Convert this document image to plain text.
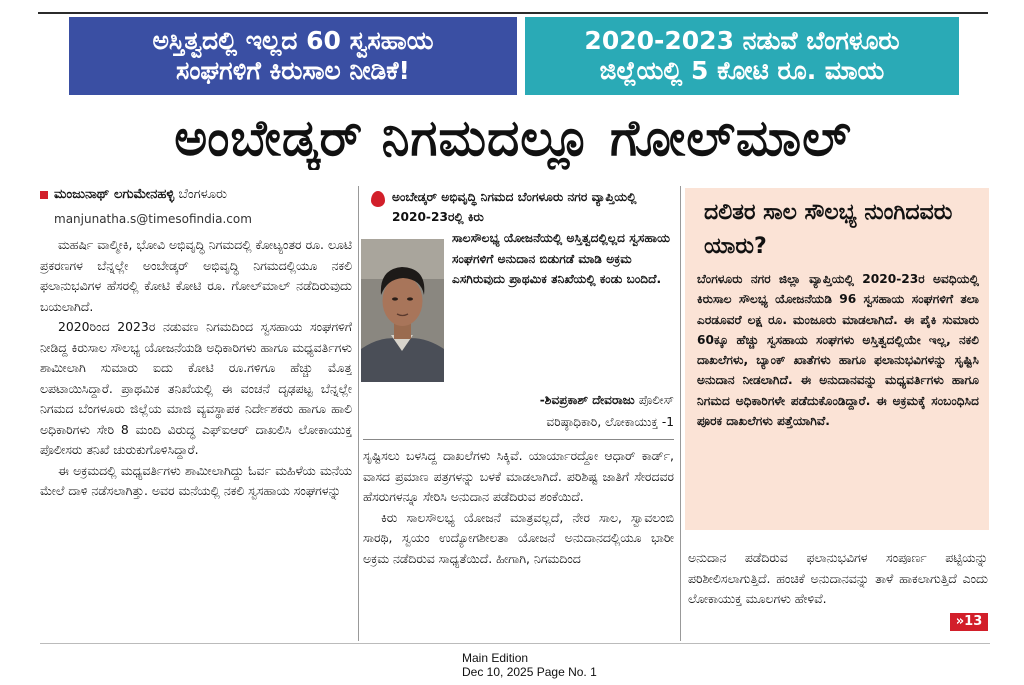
ಅಸ್ತಿತ್ವದಲ್ಲಿ ಇಲ್ಲದ 60 ಸ್ವಸಹಾಯ
ಸಂಘಗಳಿಗೆ ಕಿರುಸಾಲ ನೀಡಿಕೆ!
2020-2023 ನಡುವೆ ಬೆಂಗಳೂರು
ಜಿಲ್ಲೆಯಲ್ಲಿ 5 ಕೋಟಿ ರೂ. ಮಾಯ
ಅಂಬೇಡ್ಕರ್ ನಿಗಮದಲ್ಲೂ ಗೋಲ್‌ಮಾಲ್
ಮಂಜುನಾಥ್ ಲಗುಮೇನಹಳ್ಳಿ ಬೆಂಗಳೂರು
manjunatha.s@timesofindia.com

ಮಹರ್ಷಿ ವಾಲ್ಮೀಕಿ, ಭೋವಿ ಅಭಿವೃದ್ಧಿ ನಿಗಮದಲ್ಲಿ ಕೋಟ್ಯಂತರ ರೂ. ಲೂಟಿ ಪ್ರಕರಣಗಳ ಬೆನ್ನಲ್ಲೇ ಅಂಬೇಡ್ಕರ್ ಅಭಿವೃದ್ಧಿ ನಿಗಮದಲ್ಲಿಯೂ ನಕಲಿ ಫಲಾನುಭವಿಗಳ ಹೆಸರಲ್ಲಿ ಕೋಟಿ ಕೋಟಿ ರೂ. ಗೋಲ್‌ಮಾಲ್ ನಡೆದಿರುವುದು ಬಯಲಾಗಿದೆ.

2020ರಿಂದ 2023ರ ನಡುವಣ ನಿಗಮದಿಂದ ಸ್ವಸಹಾಯ ಸಂಘಗಳಿಗೆ ನೀಡಿದ್ದ ಕಿರುಸಾಲ ಸೌಲಭ್ಯ ಯೋಜನೆಯಡಿ ಅಧಿಕಾರಿಗಳು ಹಾಗೂ ಮಧ್ಯವರ್ತಿಗಳು ಶಾಮೀಲಾಗಿ ಸುಮಾರು ಐದು ಕೋಟಿ ರೂ.ಗಳಿಗೂ ಹೆಚ್ಚು ಮೊತ್ತ ಲಪಟಾಯಿಸಿದ್ದಾರೆ. ಪ್ರಾಥಮಿಕ ತನಿಖೆಯಲ್ಲಿ ಈ ವಂಚನೆ ದೃಢಪಟ್ಟ ಬೆನ್ನಲ್ಲೇ ನಿಗಮದ ಬೆಂಗಳೂರು ಜಿಲ್ಲೆಯ ಮಾಜಿ ವ್ಯವಸ್ಥಾಪಕ ನಿರ್ದೇಶಕರು ಹಾಗೂ ಹಾಲಿ ಅಧಿಕಾರಿಗಳು ಸೇರಿ 8 ಮಂದಿ ವಿರುದ್ಧ ಎಫ್‌ಐಆರ್ ದಾಖಲಿಸಿ ಲೋಕಾಯುಕ್ತ ಪೊಲೀಸರು ತನಿಖೆ ಚುರುಕುಗೊಳಿಸಿದ್ದಾರೆ.

ಈ ಅಕ್ರಮದಲ್ಲಿ ಮಧ್ಯವರ್ತಿಗಳು ಶಾಮೀಲಾಗಿದ್ದು ಓರ್ವ ಮಹಿಳೆಯ ಮನೆಯ ಮೇಲೆ ದಾಳಿ ನಡೆಸಲಾಗಿತ್ತು. ಅವರ ಮನೆಯಲ್ಲಿ ನಕಲಿ ಸ್ವಸಹಾಯ ಸಂಘಗಳನ್ನು

ಅಂಬೇಡ್ಕರ್ ಅಭಿವೃದ್ಧಿ ನಿಗಮದ ಬೆಂಗಳೂರು ನಗರ ವ್ಯಾಪ್ತಿಯಲ್ಲಿ 2020-23ರಲ್ಲಿ ಕಿರು
ಸಾಲಸೌಲಭ್ಯ ಯೋಜನೆಯಲ್ಲಿ ಅಸ್ತಿತ್ವದಲ್ಲಿಲ್ಲದ ಸ್ವಸಹಾಯ ಸಂಘಗಳಿಗೆ ಅನುದಾನ ಬಿಡುಗಡೆ ಮಾಡಿ ಅಕ್ರಮ ಎಸಗಿರುವುದು ಪ್ರಾಥಮಿಕ ತನಿಖೆಯಲ್ಲಿ ಕಂಡು ಬಂದಿದೆ.
-ಶಿವಪ್ರಕಾಶ್ ದೇವರಾಜು ಪೊಲೀಸ್
ವರಿಷ್ಠಾಧಿಕಾರಿ, ಲೋಕಾಯುಕ್ತ -1

ಸೃಷ್ಟಿಸಲು ಬಳಸಿದ್ದ ದಾಖಲೆಗಳು ಸಿಕ್ಕಿವೆ. ಯಾರ್ಯಾರದ್ದೋ ಆಧಾರ್ ಕಾರ್ಡ್, ವಾಸದ ಪ್ರಮಾಣ ಪತ್ರಗಳನ್ನು ಬಳಕೆ ಮಾಡಲಾಗಿದೆ. ಪರಿಶಿಷ್ಟ ಜಾತಿಗೆ ಸೇರದವರ ಹೆಸರುಗಳನ್ನೂ ಸೇರಿಸಿ ಅನುದಾನ ಪಡೆದಿರುವ ಶಂಕೆಯಿದೆ.

ಕಿರು ಸಾಲಸೌಲಭ್ಯ ಯೋಜನೆ ಮಾತ್ರವಲ್ಲದೆ, ನೇರ ಸಾಲ, ಸ್ವಾವಲಂಬಿ ಸಾರಥಿ, ಸ್ವಯಂ ಉದ್ಯೋಗಶೀಲತಾ ಯೋಜನೆ ಅನುದಾನದಲ್ಲಿಯೂ ಭಾರೀ ಅಕ್ರಮ ನಡೆದಿರುವ ಸಾಧ್ಯತೆಯಿದೆ. ಹೀಗಾಗಿ, ನಿಗಮದಿಂದ

ದಲಿತರ ಸಾಲ ಸೌಲಭ್ಯ ನುಂಗಿದವರು ಯಾರು?
ಬೆಂಗಳೂರು ನಗರ ಜಿಲ್ಲಾ ವ್ಯಾಪ್ತಿಯಲ್ಲಿ 2020-23ರ ಅವಧಿಯಲ್ಲಿ ಕಿರುಸಾಲ ಸೌಲಭ್ಯ ಯೋಜನೆಯಡಿ 96 ಸ್ವಸಹಾಯ ಸಂಘಗಳಿಗೆ ತಲಾ ಎರಡೂವರೆ ಲಕ್ಷ ರೂ. ಮಂಜೂರು ಮಾಡಲಾಗಿದೆ. ಈ ಪೈಕಿ ಸುಮಾರು 60ಕ್ಕೂ ಹೆಚ್ಚು ಸ್ವಸಹಾಯ ಸಂಘಗಳು ಅಸ್ತಿತ್ವದಲ್ಲಿಯೇ ಇಲ್ಲ, ನಕಲಿ ದಾಖಲೆಗಳು, ಬ್ಯಾಂಕ್ ಖಾತೆಗಳು ಹಾಗೂ ಫಲಾನುಭವಿಗಳನ್ನು ಸೃಷ್ಟಿಸಿ ಅನುದಾನ ನೀಡಲಾಗಿದೆ. ಈ ಅನುದಾನವನ್ನು ಮಧ್ಯವರ್ತಿಗಳು ಹಾಗೂ ನಿಗಮದ ಅಧಿಕಾರಿಗಳೇ ಪಡೆದುಕೊಂಡಿದ್ದಾರೆ. ಈ ಅಕ್ರಮಕ್ಕೆ ಸಂಬಂಧಿಸಿದ ಪೂರಕ ದಾಖಲೆಗಳು ಪತ್ತೆಯಾಗಿವೆ.

ಅನುದಾನ ಪಡೆದಿರುವ ಫಲಾನುಭವಿಗಳ ಸಂಪೂರ್ಣ ಪಟ್ಟಿಯನ್ನು ಪರಿಶೀಲಿಸಲಾಗುತ್ತಿದೆ. ಹಂಚಿಕೆ ಅನುದಾನವನ್ನು ತಾಳೆ ಹಾಕಲಾಗುತ್ತಿದೆ ಎಂದು ಲೋಕಾಯುಕ್ತ ಮೂಲಗಳು ಹೇಳಿವೆ.

»13
Main Edition
Dec 10, 2025 Page No. 1
